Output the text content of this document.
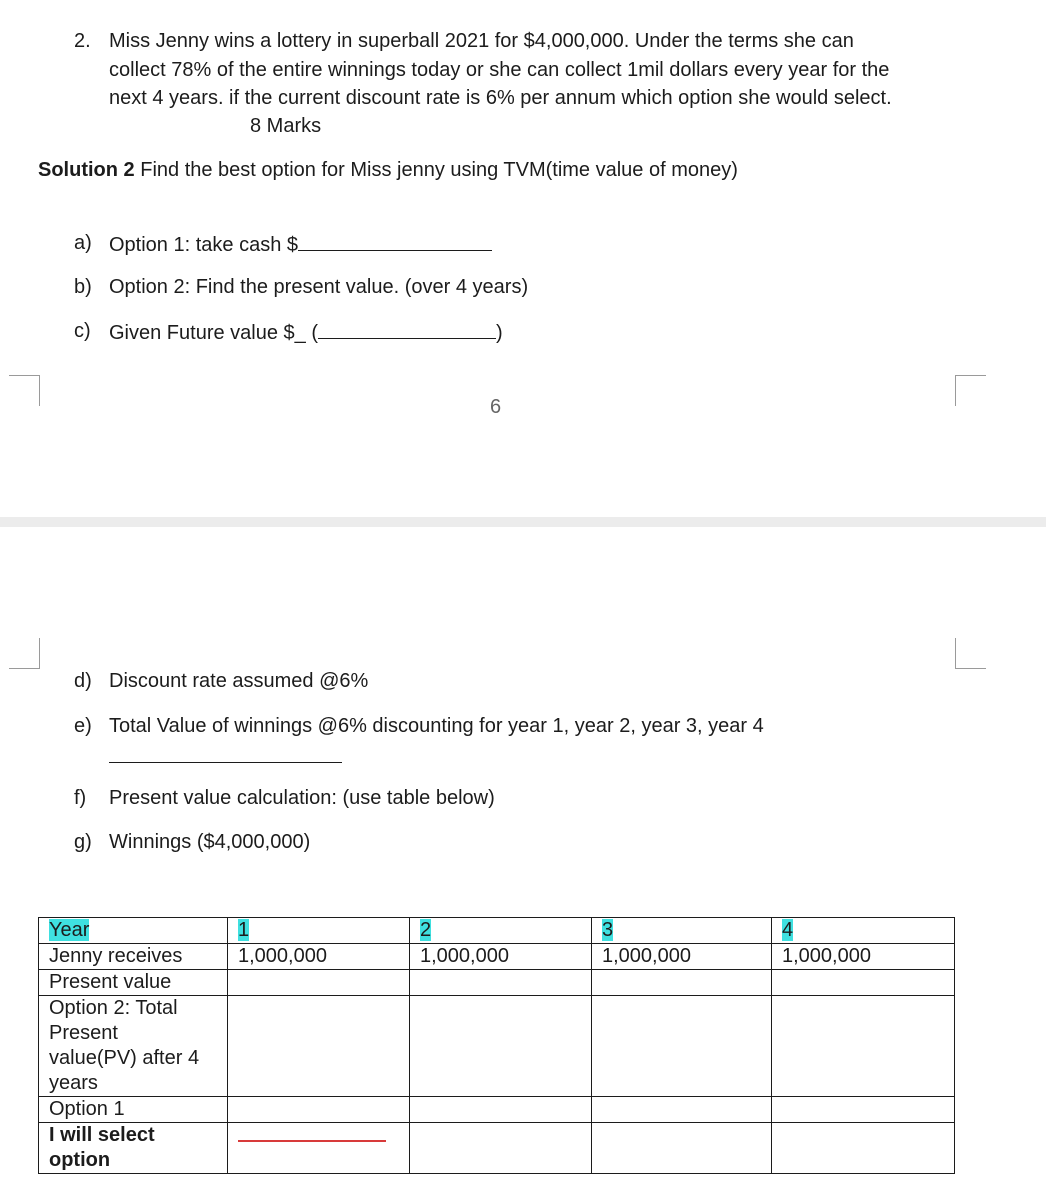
2. Miss Jenny wins a lottery in superball 2021 for $4,000,000. Under the terms she can
collect 78% of the entire winnings today or she can collect 1mil dollars every year for the
next 4 years. if the current discount rate is 6% per annum which option she would select.
8 Marks
Solution 2 Find the best option for Miss jenny using TVM(time value of money)
a) Option 1: take cash $
b) Option 2: Find the present value. (over 4 years)
c) Given Future value $_ (	)
6
d) Discount rate assumed @6%
e) Total Value of winnings @6% discounting for year 1, year 2, year 3, year 4
f) Present value calculation: (use table below)
g) Winnings ($4,000,000)
Year	1	2	3	4
Jenny receives	1,000,000	1,000,000	1,000,000	1,000,000
Present value				

Option 2: Total
Present
value(PV) after 4
years				

Option 1				
I will select option	
